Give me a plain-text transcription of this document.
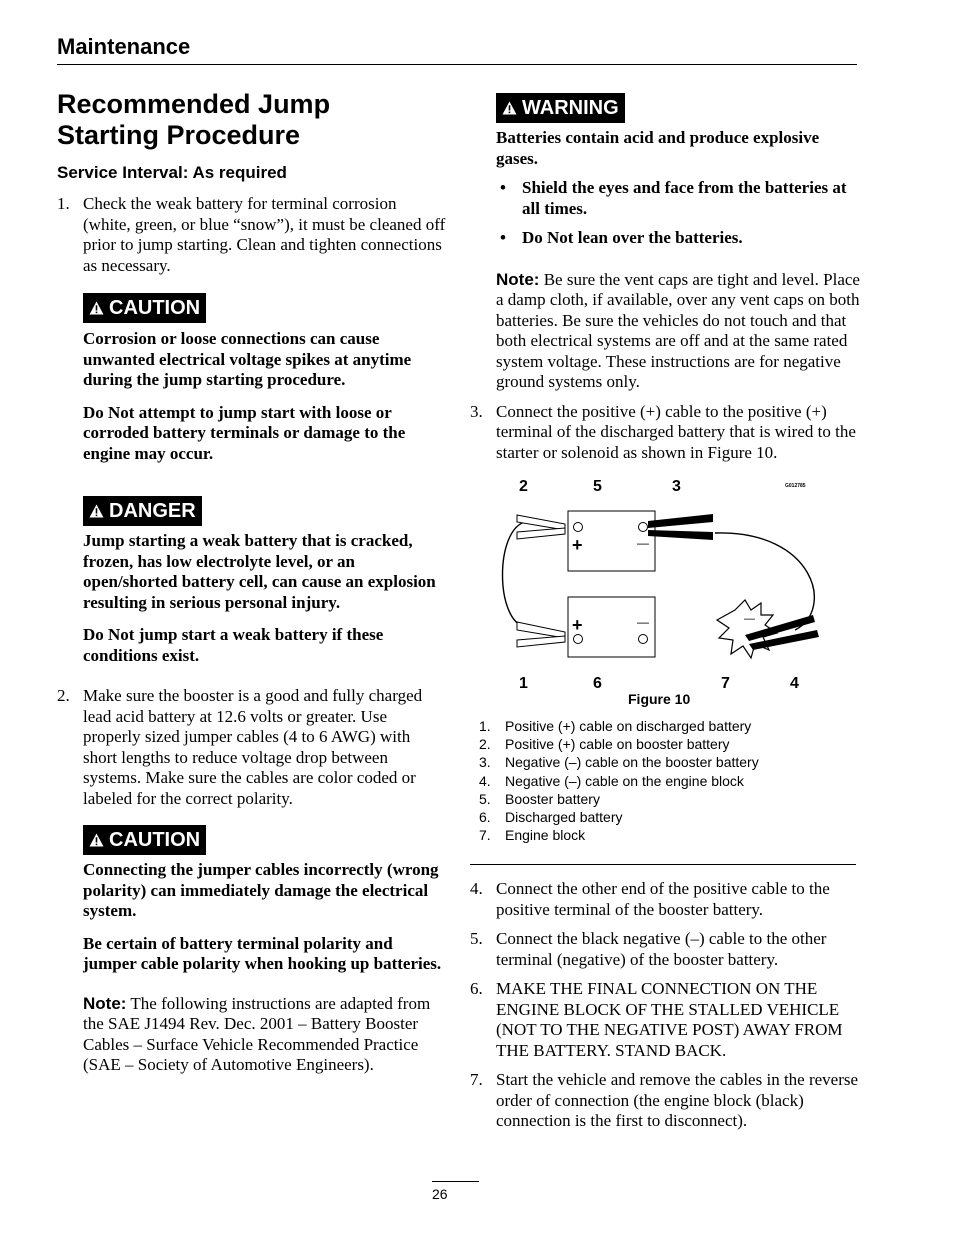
Maintenance
Recommended Jump
Starting Procedure
Service Interval: As required
1. Check the weak battery for terminal corrosion (white, green, or blue “snow”), it must be cleaned off prior to jump starting. Clean and tighten connections as necessary.
CAUTION
Corrosion or loose connections can cause unwanted electrical voltage spikes at anytime during the jump starting procedure.
Do Not attempt to jump start with loose or corroded battery terminals or damage to the engine may occur.
DANGER
Jump starting a weak battery that is cracked, frozen, has low electrolyte level, or an open/shorted battery cell, can cause an explosion resulting in serious personal injury.
Do Not jump start a weak battery if these conditions exist.
2. Make sure the booster is a good and fully charged lead acid battery at 12.6 volts or greater. Use properly sized jumper cables (4 to 6 AWG) with short lengths to reduce voltage drop between systems. Make sure the cables are color coded or labeled for the correct polarity.
CAUTION
Connecting the jumper cables incorrectly (wrong polarity) can immediately damage the electrical system.
Be certain of battery terminal polarity and jumper cable polarity when hooking up batteries.
Note: The following instructions are adapted from the SAE J1494 Rev. Dec. 2001 – Battery Booster Cables – Surface Vehicle Recommended Practice (SAE – Society of Automotive Engineers).
WARNING
Batteries contain acid and produce explosive gases.
• Shield the eyes and face from the batteries at all times.
• Do Not lean over the batteries.
Note: Be sure the vent caps are tight and level. Place a damp cloth, if available, over any vent caps on both batteries. Be sure the vehicles do not touch and that both electrical systems are off and at the same rated system voltage. These instructions are for negative ground systems only.
3. Connect the positive (+) cable to the positive (+) terminal of the discharged battery that is wired to the starter or solenoid as shown in Figure 10.
2	5	3
1	6	7	4
G012785
+	—
+	—	—
Figure 10
1.	Positive (+) cable on discharged battery
2.	Positive (+) cable on booster battery
3.	Negative (–) cable on the booster battery
4.	Negative (–) cable on the engine block
5.	Booster battery
6.	Discharged battery
7.	Engine block
4. Connect the other end of the positive cable to the positive terminal of the booster battery.
5. Connect the black negative (–) cable to the other terminal (negative) of the booster battery.
6. MAKE THE FINAL CONNECTION ON THE ENGINE BLOCK OF THE STALLED VEHICLE (NOT TO THE NEGATIVE POST) AWAY FROM THE BATTERY. STAND BACK.
7. Start the vehicle and remove the cables in the reverse order of connection (the engine block (black) connection is the first to disconnect).
26
